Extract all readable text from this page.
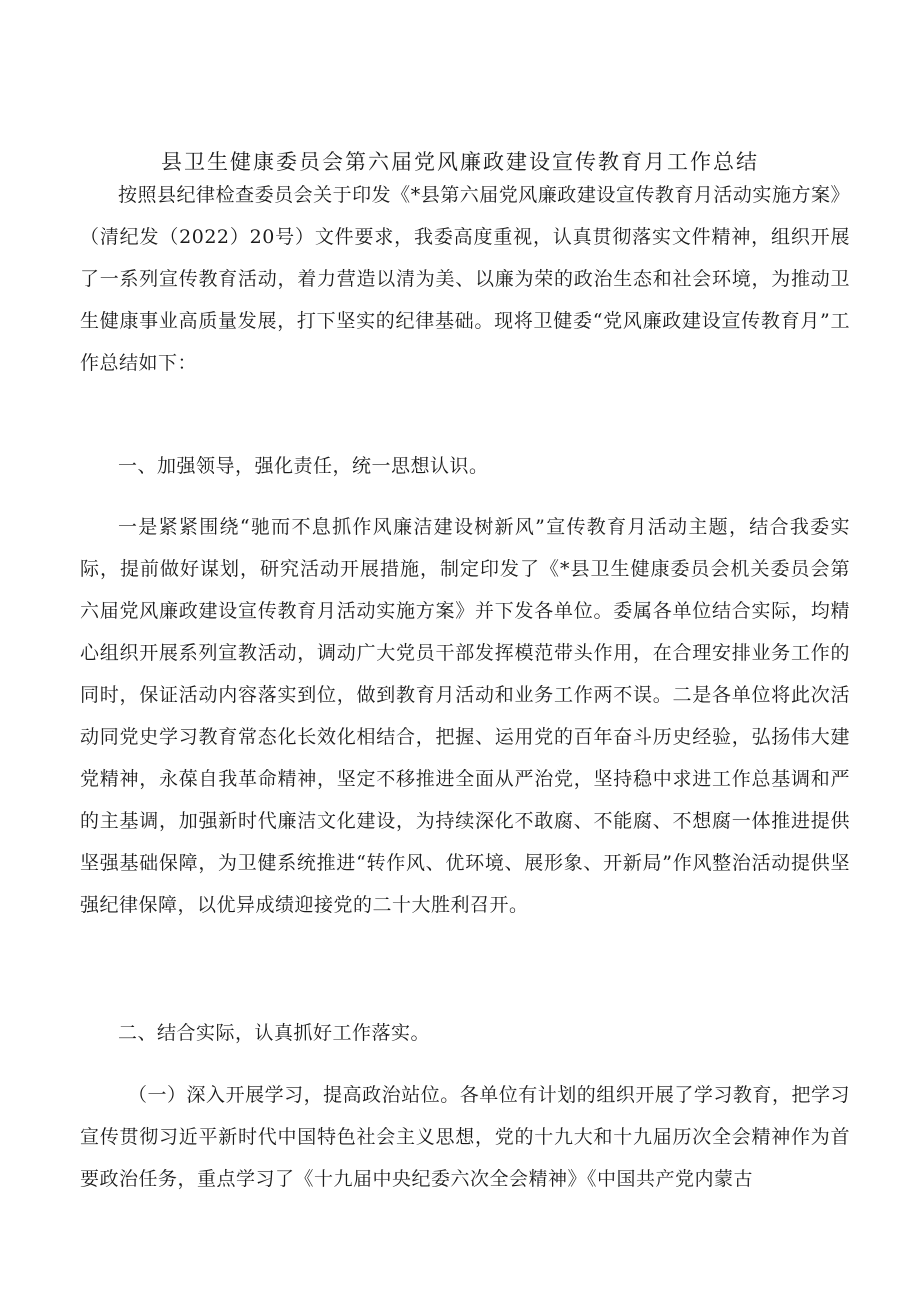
县卫生健康委员会第六届党风廉政建设宣传教育月工作总结

按照县纪律检查委员会关于印发《*县第六届党风廉政建设宣传教育月活动实施方案》（清纪发（2022）20号）文件要求，我委高度重视，认真贯彻落实文件精神，组织开展了一系列宣传教育活动，着力营造以清为美、以廉为荣的政治生态和社会环境，为推动卫生健康事业高质量发展，打下坚实的纪律基础。现将卫健委“党风廉政建设宣传教育月”工作总结如下：

一、加强领导，强化责任，统一思想认识。

一是紧紧围绕“驰而不息抓作风廉洁建设树新风”宣传教育月活动主题，结合我委实际，提前做好谋划，研究活动开展措施，制定印发了《*县卫生健康委员会机关委员会第六届党风廉政建设宣传教育月活动实施方案》并下发各单位。委属各单位结合实际，均精心组织开展系列宣教活动，调动广大党员干部发挥模范带头作用，在合理安排业务工作的同时，保证活动内容落实到位，做到教育月活动和业务工作两不误。二是各单位将此次活动同党史学习教育常态化长效化相结合，把握、运用党的百年奋斗历史经验，弘扬伟大建党精神，永葆自我革命精神，坚定不移推进全面从严治党，坚持稳中求进工作总基调和严的主基调，加强新时代廉洁文化建设，为持续深化不敢腐、不能腐、不想腐一体推进提供坚强基础保障，为卫健系统推进“转作风、优环境、展形象、开新局”作风整治活动提供坚强纪律保障，以优异成绩迎接党的二十大胜利召开。

二、结合实际，认真抓好工作落实。

（一）深入开展学习，提高政治站位。各单位有计划的组织开展了学习教育，把学习宣传贯彻习近平新时代中国特色社会主义思想，党的十九大和十九届历次全会精神作为首要政治任务，重点学习了《十九届中央纪委六次全会精神》《中国共产党内蒙古
